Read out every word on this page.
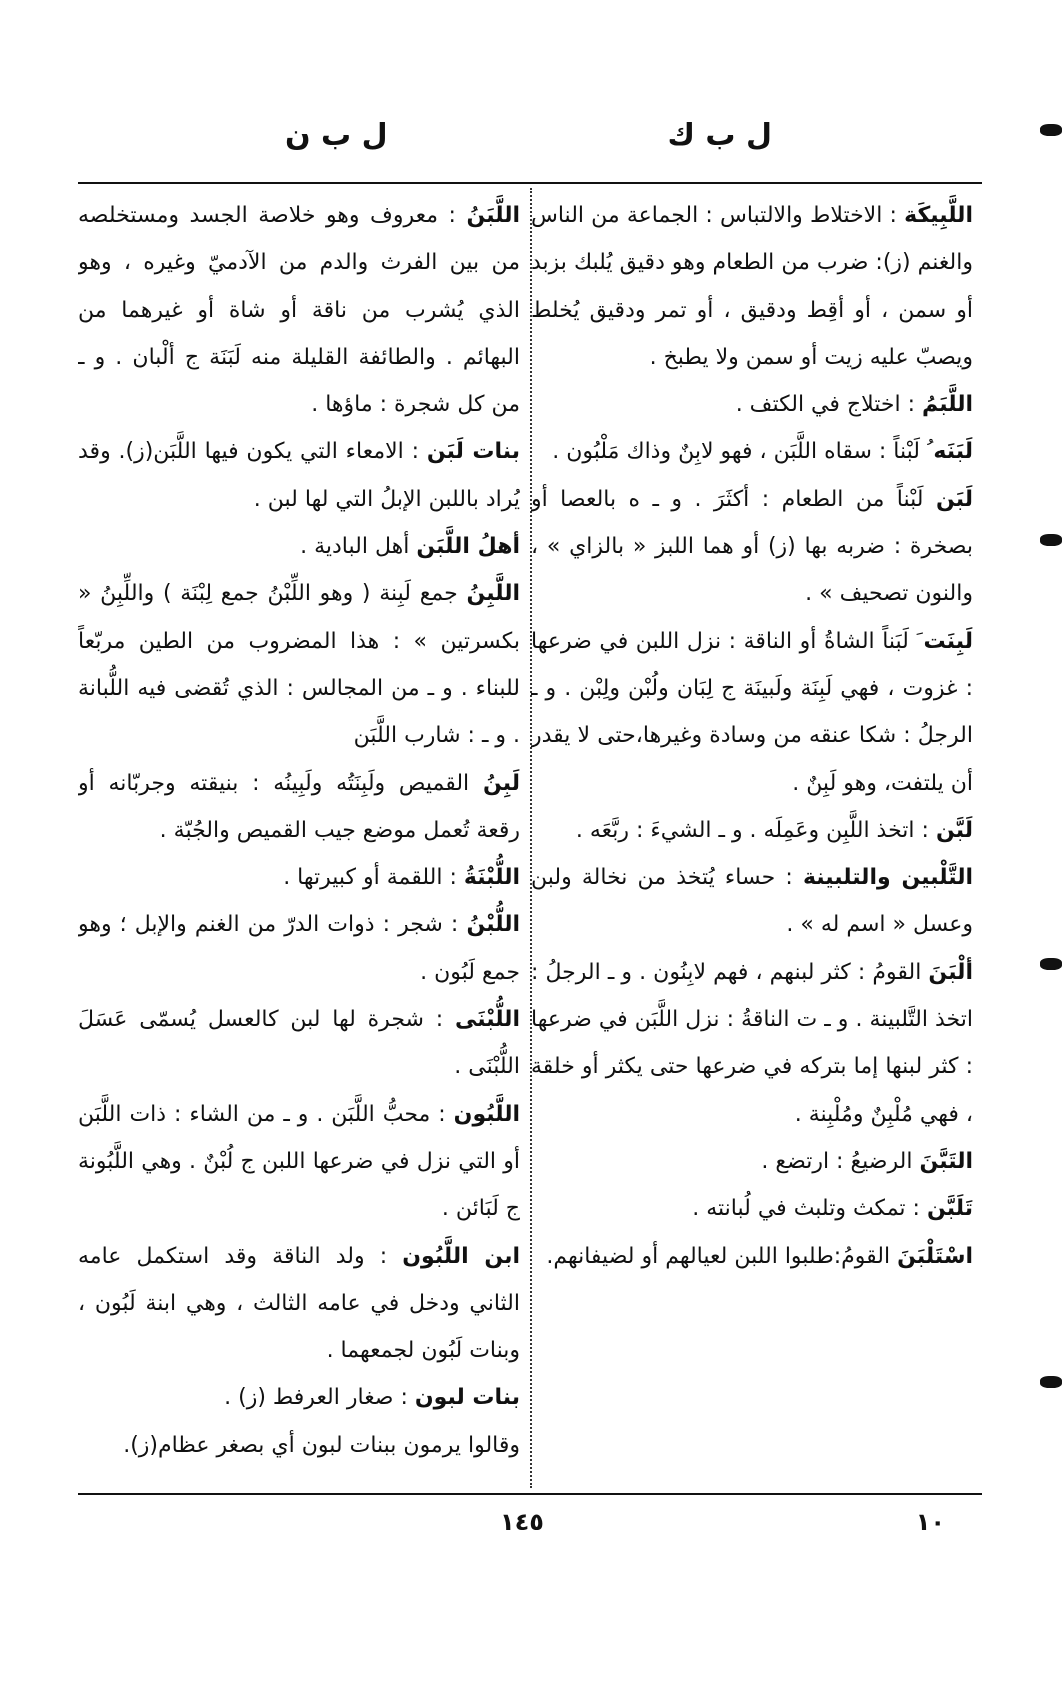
ل ب ك
ل ب ن
اللَّبِيكَة : الاختلاط والالتباس : الجماعة من الناس والغنم (ز): ضرب من الطعام وهو دقيق يُلبك بزبد أو سمن ، أو أقِط ودقيق ، أو تمر ودقيق يُخلط ويصبّ عليه زيت أو سمن ولا يطبخ .
اللَّبَمُ : اختلاج في الكتف .
لَبَنَه ُ لَبْناً : سقاه اللَّبَن ، فهو لابِنٌ وذاك مَلْبُون .
لَبَن لَبْناً من الطعام : أكثَرَ . و ـ ه بالعصا أو بصخرة : ضربه بها (ز) أو هما اللبز « بالزاي » ، والنون تصحيف » .
لَبِنَت َ لَبَناً الشاةُ أو الناقة : نزل اللبن في ضرعها : غزوت ، فهي لَبِنَة ولَبينَة ج لِبَان ولُبْن ولِبْن . و ـ الرجلُ : شكا عنقه من وسادة وغيرها،حتى لا يقدر أن يلتفت، وهو لَبِنٌ .
لَبَّن : اتخذ اللَّبِن وعَمِلَه . و ـ الشيءَ : ربَّعَه .
التَّلْبين والتلبينة : حساء يُتخذ من نخالة ولبن وعسل « اسم له » .
ألْبَنَ القومُ : كثر لبنهم ، فهم لابِنُون . و ـ الرجلُ : اتخذ التَّلبينة . و ـ ت الناقةُ : نزل اللَّبَن في ضرعها : كثر لبنها إما بتركه في ضرعها حتى يكثر أو خلقة ، فهي مُلْبِنٌ ومُلْبِنة .
التَبَّنَ الرضيعُ : ارتضع .
تَلَبَّن : تمكث وتلبث في لُبانته .
اسْتَلْبَنَ القومُ:طلبوا اللبن لعيالهم أو لضيفانهم.
اللَّبَنُ : معروف وهو خلاصة الجسد ومستخلصه من بين الفرث والدم من الآدميّ وغيره ، وهو الذي يُشرب من ناقة أو شاة أو غيرهما من البهائم . والطائفة القليلة منه لَبَنَة ج ألْبان . و ـ من كل شجرة : ماؤها .
بنات لَبَن : الامعاء التي يكون فيها اللَّبَن(ز). وقد يُراد باللبن الإبلُ التي لها لبن .
أهلُ اللَّبَن أهل البادية .
اللَّبِنُ جمع لَبِنة ( وهو اللِّبْنُ جمع لِبْنَة ) واللِّبِنُ « بكسرتين » : هذا المضروب من الطين مربّعاً للبناء . و ـ من المجالس : الذي تُقضى فيه اللُّبانة . و ـ : شارب اللَّبَن
لَبِنُ القميص ولَبِنَتُه ولَبِينُه : بنيقته وجربّانه أو رقعة تُعمل موضع جيب القميص والجُبّة .
اللُّبْنَةُ : اللقمة أو كبيرتها .
اللُّبْنُ : شجر : ذوات الدرّ من الغنم والإبل ؛ وهو جمع لَبُون .
اللُّبْنَى : شجرة لها لبن كالعسل يُسمّى عَسَلَ اللُّبْنَى .
اللَّبُون : محبُّ اللَّبَن . و ـ من الشاء : ذات اللَّبَن أو التي نزل في ضرعها اللبن ج لُبْنٌ . وهي اللَّبُونة ج لَبَائن .
ابن اللَّبُون : ولد الناقة وقد استكمل عامه الثاني ودخل في عامه الثالث ، وهي ابنة لَبُون ، وبنات لَبُون لجمعهما .
بنات لبون : صغار العرفط (ز) .
وقالوا يرمون ببنات لبون أي بصغر عظام(ز).
١٠
١٤٥
